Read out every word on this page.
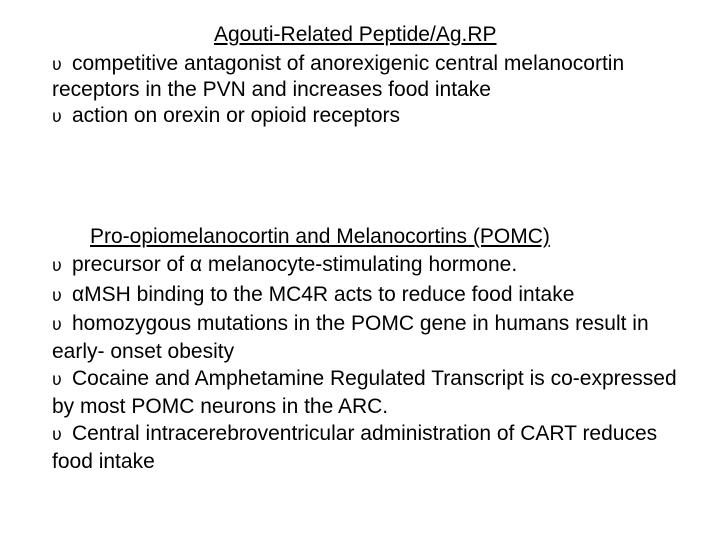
Agouti-Related Peptide/Ag.RP

υ competitive antagonist of anorexigenic central melanocortin receptors in the PVN and increases food intake

υ action on orexin or opioid receptors

Pro-opiomelanocortin and Melanocortins (POMC)

υ precursor of α melanocyte-stimulating hormone.

υ αMSH binding to the MC4R acts to reduce food intake

υ homozygous mutations in the POMC gene in humans result in early- onset obesity

υ Cocaine and Amphetamine Regulated Transcript is co-expressed by most POMC neurons in the ARC.

υ Central intracerebroventricular administration of CART reduces food intake
